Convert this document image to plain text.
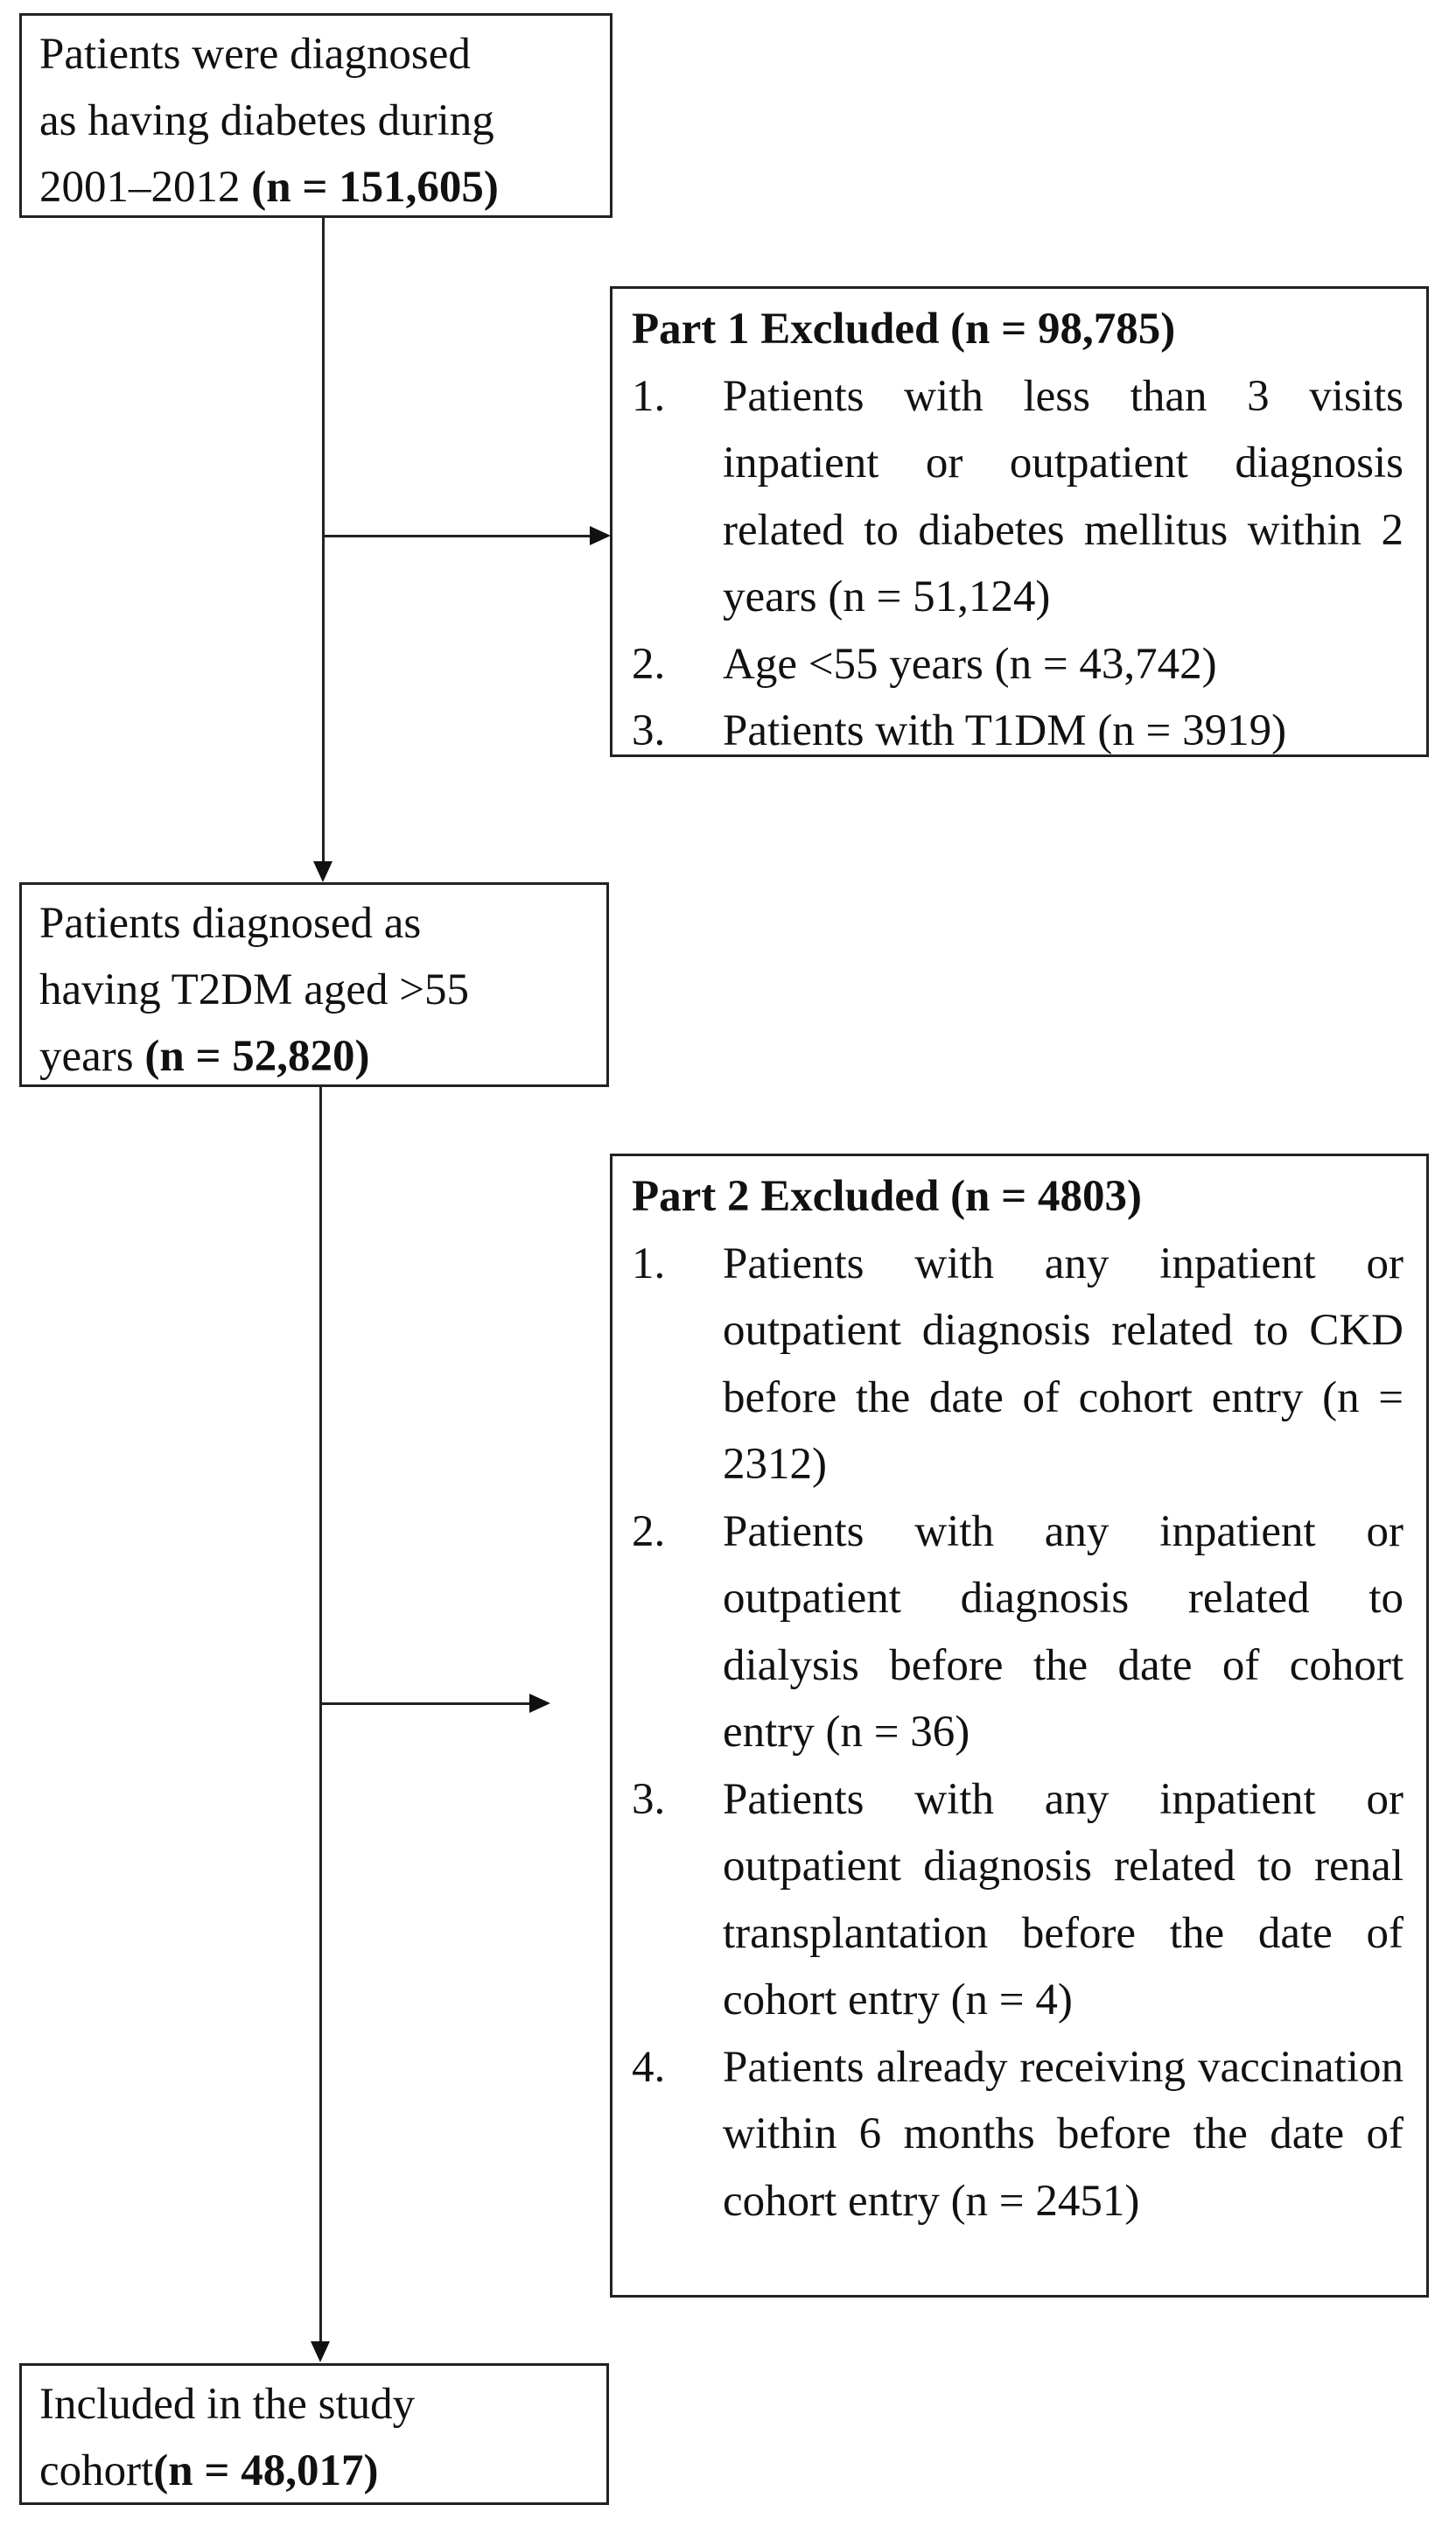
Patients were diagnosed
as having diabetes during
2001–2012 (n = 151,605)
Part 1 Excluded (n = 98,785)
1.	Patients with less than 3 visits inpatient or outpatient diagnosis related to diabetes mellitus within 2 years (n = 51,124)
2.	Age <55 years (n = 43,742)
3.	Patients with T1DM (n = 3919)
Patients diagnosed as
having T2DM aged >55
years (n = 52,820)
Part 2 Excluded (n = 4803)
1.	Patients with any inpatient or outpatient diagnosis related to CKD before the date of cohort entry (n = 2312)
2.	Patients with any inpatient or outpatient diagnosis related to dialysis before the date of cohort entry (n = 36)
3.	Patients with any inpatient or outpatient diagnosis related to renal transplantation before the date of cohort entry (n = 4)
4.	Patients already receiving vaccination within 6 months before the date of cohort entry (n = 2451)
Included in the study
cohort(n = 48,017)
